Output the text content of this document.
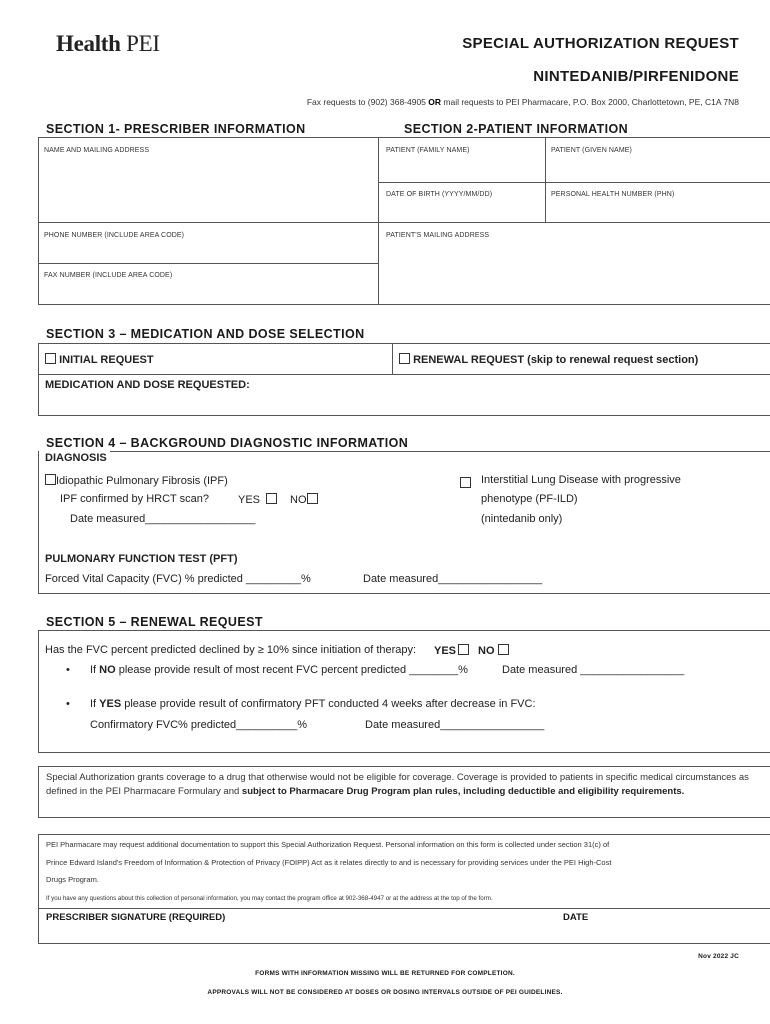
Health PEI	SPECIAL AUTHORIZATION REQUEST
NINTEDANIB/PIRFENIDONE
Fax requests to (902) 368-4905 OR mail requests to PEI Pharmacare, P.O. Box 2000, Charlottetown, PE, C1A 7N8
SECTION 1- PRESCRIBER INFORMATION	SECTION 2-PATIENT INFORMATION
NAME AND MAILING ADDRESS	PATIENT (FAMILY NAME)	PATIENT (GIVEN NAME)
DATE OF BIRTH (YYYY/MM/DD)	PERSONAL HEALTH NUMBER (PHN)
PHONE NUMBER (INCLUDE AREA CODE)	PATIENT'S MAILING ADDRESS
FAX NUMBER (INCLUDE AREA CODE)
SECTION 3 – MEDICATION AND DOSE SELECTION
INITIAL REQUEST	RENEWAL REQUEST (skip to renewal request section)
MEDICATION AND DOSE REQUESTED:
SECTION 4 – BACKGROUND DIAGNOSTIC INFORMATION
DIAGNOSIS
Idiopathic Pulmonary Fibrosis (IPF)
IPF confirmed by HRCT scan?	YES	NO
Date measured__________________
Interstitial Lung Disease with progressive
phenotype (PF-ILD)
(nintedanib only)
PULMONARY FUNCTION TEST (PFT)
Forced Vital Capacity (FVC) % predicted _________%	Date measured_________________
SECTION 5 – RENEWAL REQUEST
Has the FVC percent predicted declined by ≥ 10% since initiation of therapy: YES	NO
• If NO please provide result of most recent FVC percent predicted ________%	Date measured _________________
• If YES please provide result of confirmatory PFT conducted 4 weeks after decrease in FVC:
Confirmatory FVC% predicted__________%	Date measured_________________
Special Authorization grants coverage to a drug that otherwise would not be eligible for coverage. Coverage is provided to patients in specific medical circumstances as defined in the PEI Pharmacare Formulary and subject to Pharmacare Drug Program plan rules, including deductible and eligibility requirements.
PEI Pharmacare may request additional documentation to support this Special Authorization Request. Personal information on this form is collected under section 31(c) of
Prince Edward Island's Freedom of Information & Protection of Privacy (FOIPP) Act as it relates directly to and is necessary for providing services under the PEI High-Cost
Drugs Program.
If you have any questions about this collection of personal information, you may contact the program office at 902-368-4947 or at the address at the top of the form.
PRESCRIBER SIGNATURE (REQUIRED)	DATE
Nov 2022 JC
FORMS WITH INFORMATION MISSING WILL BE RETURNED FOR COMPLETION.
APPROVALS WILL NOT BE CONSIDERED AT DOSES OR DOSING INTERVALS OUTSIDE OF PEI GUIDELINES.
